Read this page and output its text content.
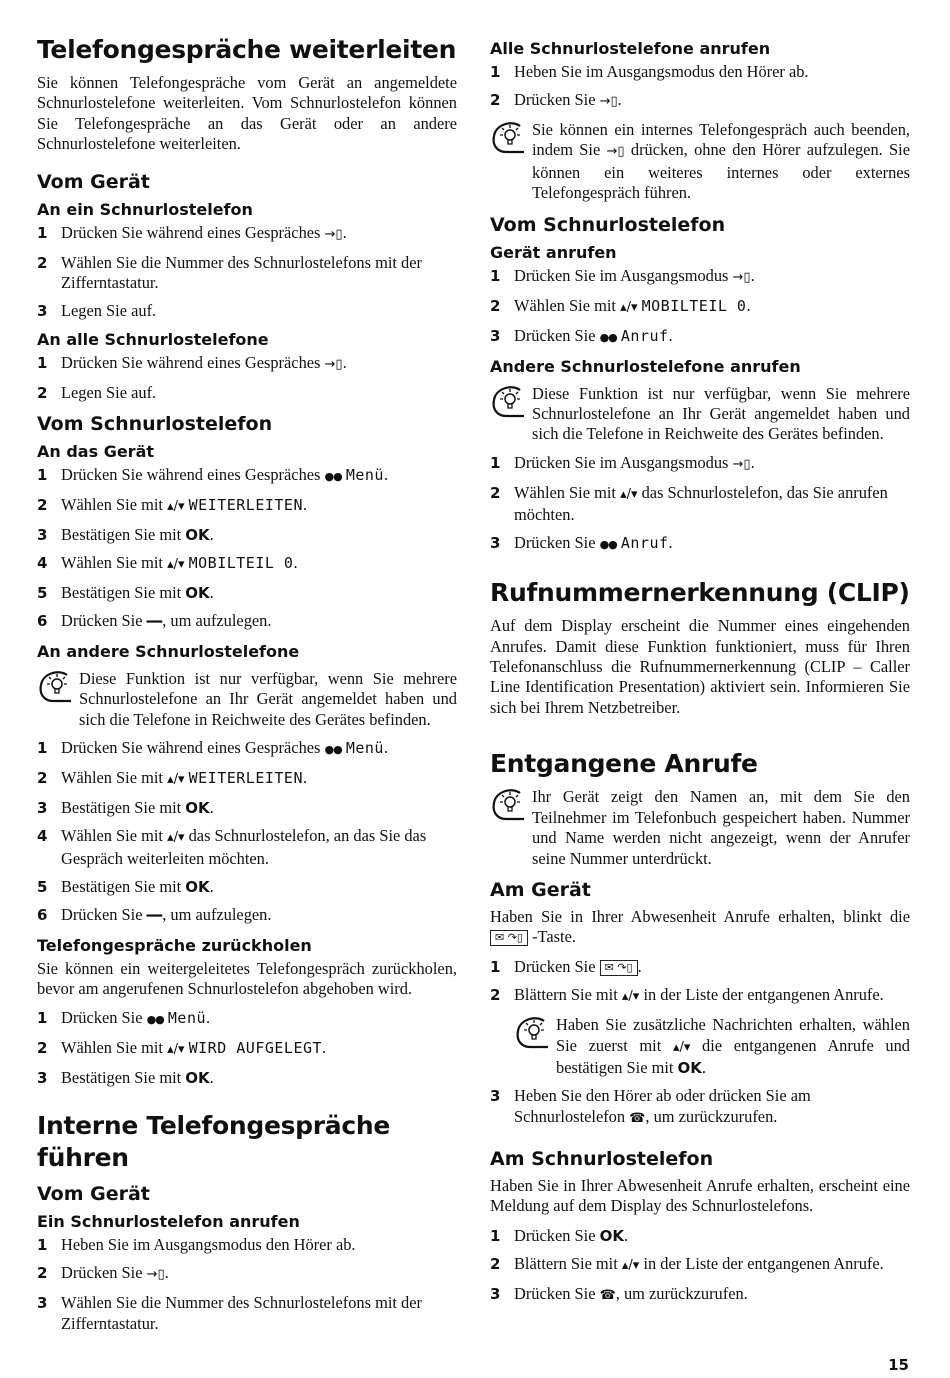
Telefongespräche weiterleiten

Sie können Telefongespräche vom Gerät an angemeldete Schnurlostelefone weiterleiten. Vom Schnurlostelefon können Sie Telefongespräche an das Gerät oder an andere Schnurlostelefone weiterleiten.

Vom Gerät
An ein Schnurlostelefon
1 Drücken Sie während eines Gespräches →▯.
2 Wählen Sie die Nummer des Schnurlostelefons mit der Zifferntastatur.
3 Legen Sie auf.
An alle Schnurlostelefone
1 Drücken Sie während eines Gespräches →▯.
2 Legen Sie auf.
Vom Schnurlostelefon
An das Gerät
1 Drücken Sie während eines Gespräches ●● Menü.
2 Wählen Sie mit ▴/▾ WEITERLEITEN.
3 Bestätigen Sie mit OK.
4 Wählen Sie mit ▴/▾ MOBILTEIL 0.
5 Bestätigen Sie mit OK.
6 Drücken Sie ━━, um aufzulegen.
An andere Schnurlostelefone
Diese Funktion ist nur verfügbar, wenn Sie mehrere Schnurlostelefone an Ihr Gerät angemeldet haben und sich die Telefone in Reichweite des Gerätes befinden.
1 Drücken Sie während eines Gespräches ●● Menü.
2 Wählen Sie mit ▴/▾ WEITERLEITEN.
3 Bestätigen Sie mit OK.
4 Wählen Sie mit ▴/▾ das Schnurlostelefon, an das Sie das Gespräch weiterleiten möchten.
5 Bestätigen Sie mit OK.
6 Drücken Sie ━━, um aufzulegen.
Telefongespräche zurückholen

Sie können ein weitergeleitetes Telefongespräch zurückholen, bevor am angerufenen Schnurlostelefon abgehoben wird.

1 Drücken Sie ●● Menü.
2 Wählen Sie mit ▴/▾ WIRD AUFGELEGT.
3 Bestätigen Sie mit OK.
Interne Telefongespräche führen
Vom Gerät
Ein Schnurlostelefon anrufen
1 Heben Sie im Ausgangsmodus den Hörer ab.
2 Drücken Sie →▯.
3 Wählen Sie die Nummer des Schnurlostelefons mit der Zifferntastatur.
Alle Schnurlostelefone anrufen
1 Heben Sie im Ausgangsmodus den Hörer ab.
2 Drücken Sie →▯.
Sie können ein internes Telefongespräch auch beenden, indem Sie →▯ drücken, ohne den Hörer aufzulegen. Sie können ein weiteres internes oder externes Telefongespräch führen.
Vom Schnurlostelefon
Gerät anrufen
1 Drücken Sie im Ausgangsmodus →▯.
2 Wählen Sie mit ▴/▾ MOBILTEIL 0.
3 Drücken Sie ●● Anruf.
Andere Schnurlostelefone anrufen
Diese Funktion ist nur verfügbar, wenn Sie mehrere Schnurlostelefone an Ihr Gerät angemeldet haben und sich die Telefone in Reichweite des Gerätes befinden.
1 Drücken Sie im Ausgangsmodus →▯.
2 Wählen Sie mit ▴/▾ das Schnurlostelefon, das Sie anrufen möchten.
3 Drücken Sie ●● Anruf.
Rufnummernerkennung (CLIP)

Auf dem Display erscheint die Nummer eines eingehenden Anrufes. Damit diese Funktion funktioniert, muss für Ihren Telefonanschluss die Rufnummernerkennung (CLIP – Caller Line Identification Presentation) aktiviert sein. Informieren Sie sich bei Ihrem Netzbetreiber.

Entgangene Anrufe
Ihr Gerät zeigt den Namen an, mit dem Sie den Teilnehmer im Telefonbuch gespeichert haben. Nummer und Name werden nicht angezeigt, wenn der Anrufer seine Nummer unterdrückt.
Am Gerät

Haben Sie in Ihrer Abwesenheit Anrufe erhalten, blinkt die ✉ ↷▯ -Taste.

1 Drücken Sie ✉ ↷▯ .
2 Blättern Sie mit ▴/▾ in der Liste der entgangenen Anrufe.
Haben Sie zusätzliche Nachrichten erhalten, wählen Sie zuerst mit ▴/▾ die entgangenen Anrufe und bestätigen Sie mit OK.
3 Heben Sie den Hörer ab oder drücken Sie am Schnurlostelefon ☎, um zurückzurufen.
Am Schnurlostelefon

Haben Sie in Ihrer Abwesenheit Anrufe erhalten, erscheint eine Meldung auf dem Display des Schnurlostelefons.

1 Drücken Sie OK.
2 Blättern Sie mit ▴/▾ in der Liste der entgangenen Anrufe.
3 Drücken Sie ☎, um zurückzurufen.
15
